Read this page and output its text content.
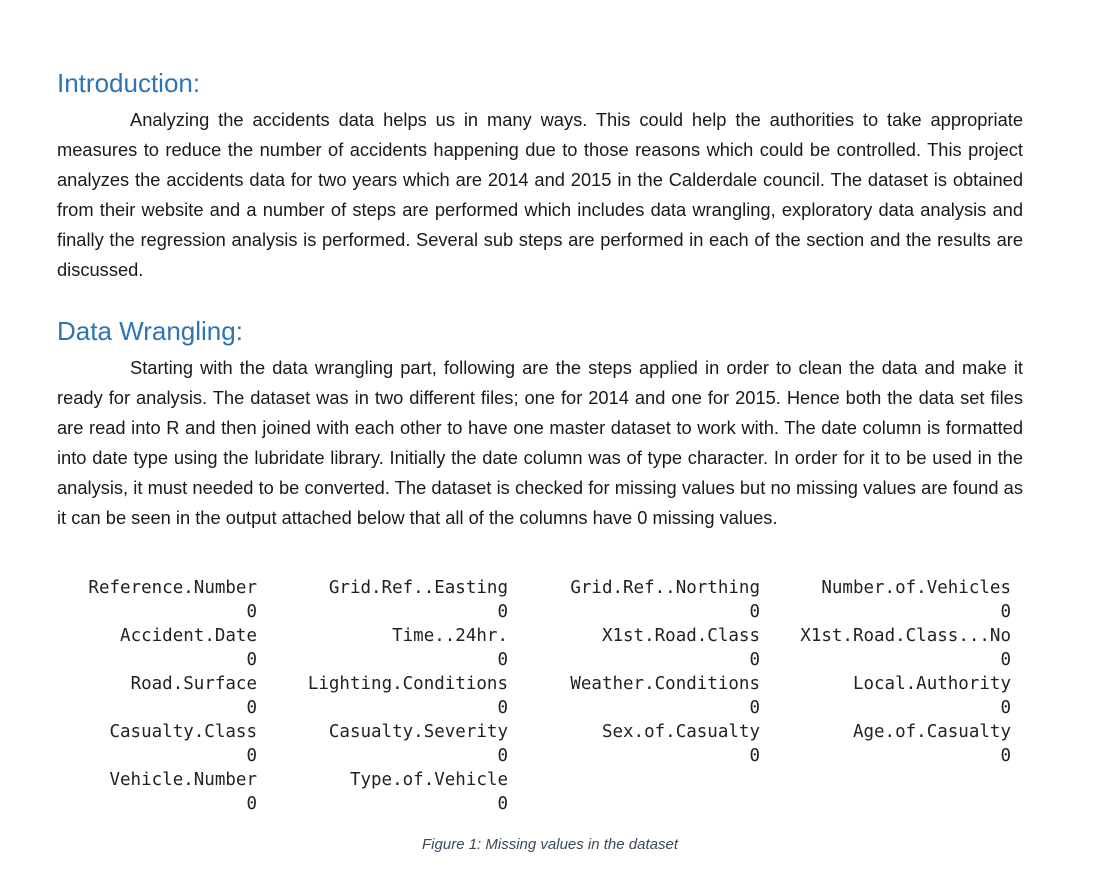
Introduction:

Analyzing the accidents data helps us in many ways. This could help the authorities to take appropriate measures to reduce the number of accidents happening due to those reasons which could be controlled. This project analyzes the accidents data for two years which are 2014 and 2015 in the Calderdale council. The dataset is obtained from their website and a number of steps are performed which includes data wrangling, exploratory data analysis and finally the regression analysis is performed. Several sub steps are performed in each of the section and the results are discussed.

Data Wrangling:

Starting with the data wrangling part, following are the steps applied in order to clean the data and make it ready for analysis. The dataset was in two different files; one for 2014 and one for 2015. Hence both the data set files are read into R and then joined with each other to have one master dataset to work with. The date column is formatted into date type using the lubridate library. Initially the date column was of type character. In order for it to be used in the analysis, it must needed to be converted. The dataset is checked for missing values but no missing values are found as it can be seen in the output attached below that all of the columns have 0 missing values.

Reference.Number	Grid.Ref..Easting	Grid.Ref..Northing	Number.of.Vehicles
0	0	0	0
Accident.Date	Time..24hr.	X1st.Road.Class	X1st.Road.Class...No
0	0	0	0
Road.Surface	Lighting.Conditions	Weather.Conditions	Local.Authority
0	0	0	0
Casualty.Class	Casualty.Severity	Sex.of.Casualty	Age.of.Casualty
0	0	0	0
Vehicle.Number	Type.of.Vehicle
0	0
Figure 1: Missing values in the dataset
